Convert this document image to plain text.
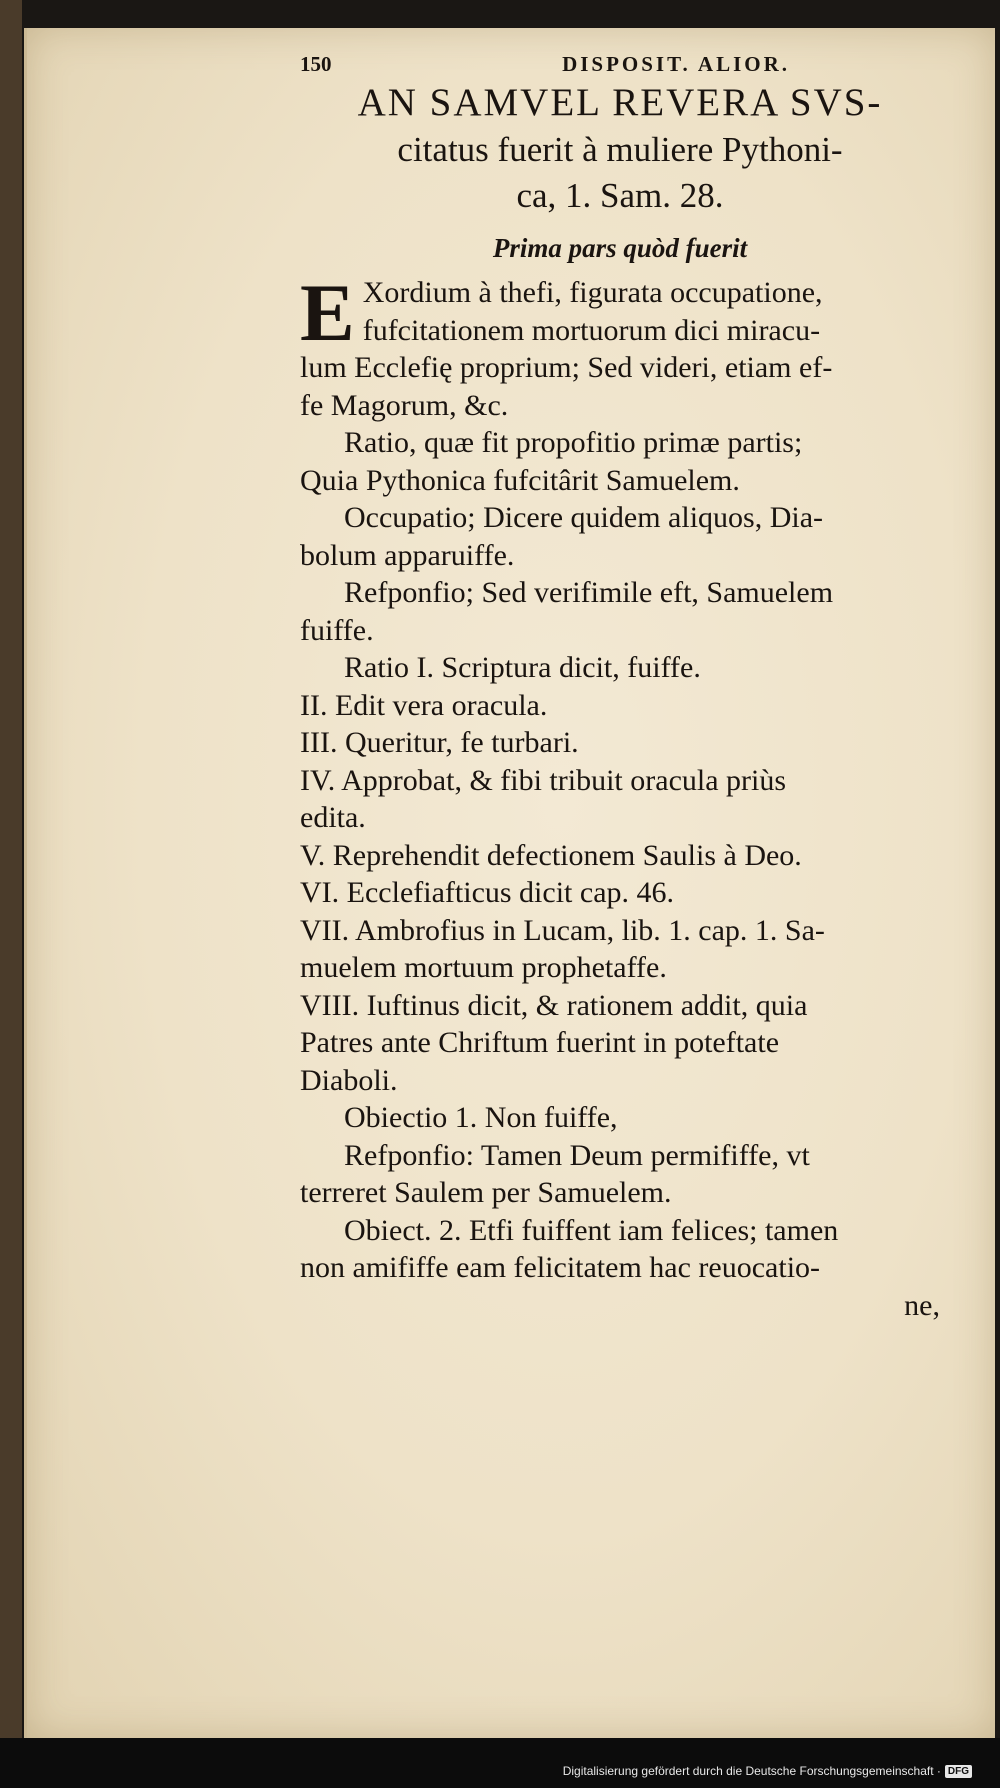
150	DISPOSIT. ALIOR.
AN SAMVEL REVERA SVS-
citatus fuerit à muliere Pythoni-
ca, 1. Sam. 28.
Prima pars quòd fuerit
E Xordium à thefi, figurata occupatione,
fufcitationem mortuorum dici miracu-
lum Ecclefię proprium; Sed videri, etiam ef-
fe Magorum, &c.
Ratio, quæ fit propofitio primæ partis;
Quia Pythonica fufcitârit Samuelem.
Occupatio; Dicere quidem aliquos, Dia-
bolum apparuiffe.
Refponfio; Sed verifimile eft, Samuelem
fuiffe.
Ratio I. Scriptura dicit, fuiffe.
II. Edit vera oracula.
III. Queritur, fe turbari.
IV. Approbat, & fibi tribuit oracula priùs
edita.
V. Reprehendit defectionem Saulis à Deo.
VI. Ecclefiafticus dicit cap. 46.
VII. Ambrofius in Lucam, lib. 1. cap. 1. Sa-
muelem mortuum prophetaffe.
VIII. Iuftinus dicit, & rationem addit, quia
Patres ante Chriftum fuerint in poteftate
Diaboli.
Obiectio 1. Non fuiffe,
Refponfio: Tamen Deum permififfe, vt
terreret Saulem per Samuelem.
Obiect. 2. Etfi fuiffent iam felices; tamen
non amififfe eam felicitatem hac reuocatio-
ne,
Digitalisierung gefördert durch die Deutsche Forschungsgemeinschaft · DFG
